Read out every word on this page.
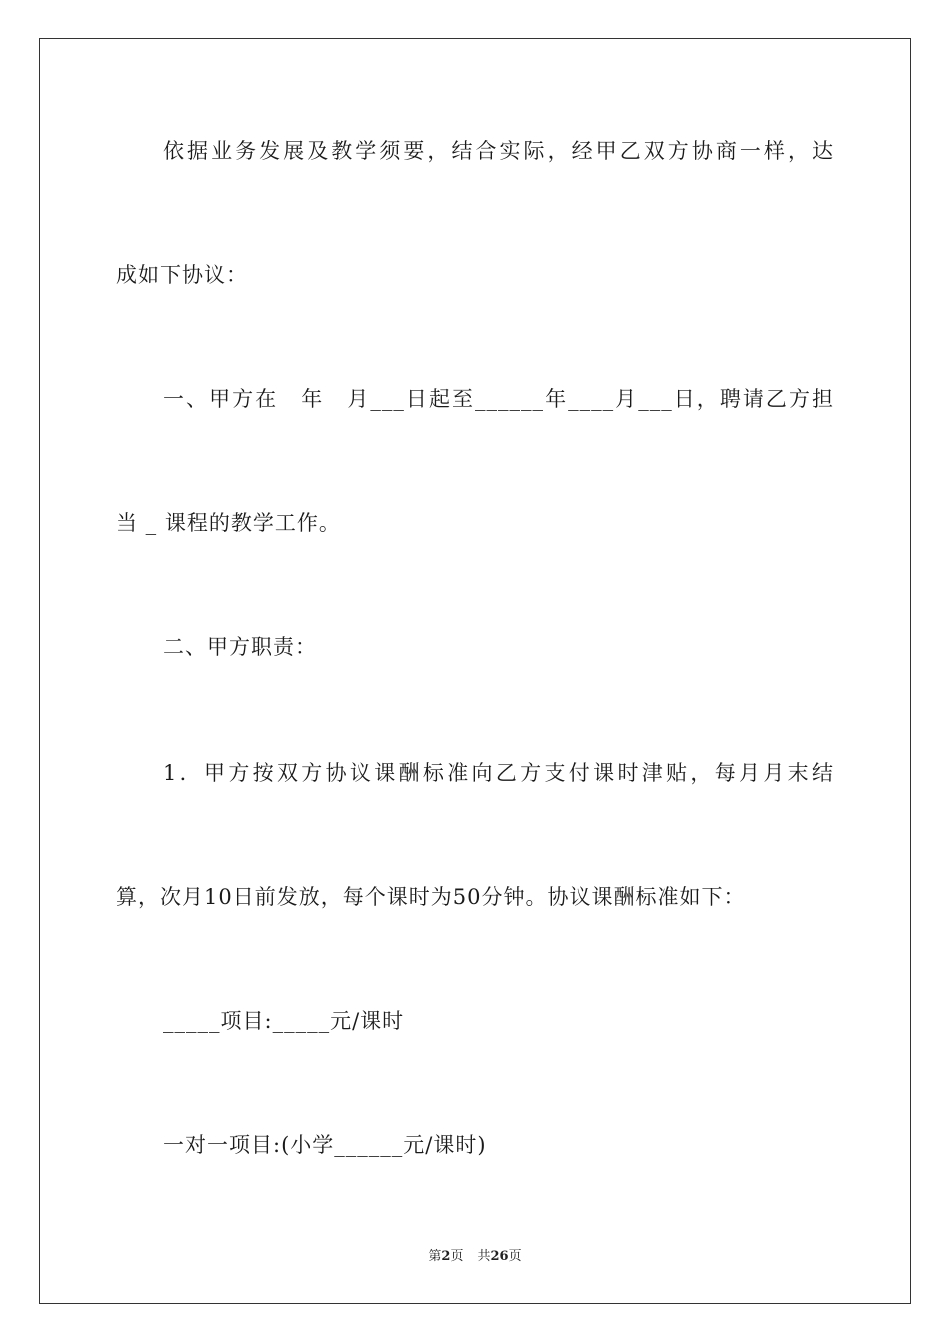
依据业务发展及教学须要，结合实际，经甲乙双方协商一样，达
成如下协议：
一、甲方在　年　月___日起至______年____月___日，聘请乙方担
当 _ 课程的教学工作。
二、甲方职责：
1．甲方按双方协议课酬标准向乙方支付课时津贴，每月月末结
算，次月10日前发放，每个课时为50分钟。协议课酬标准如下：
_____项目:_____元/课时
一对一项目:(小学______元/课时)
第2页 共26页
